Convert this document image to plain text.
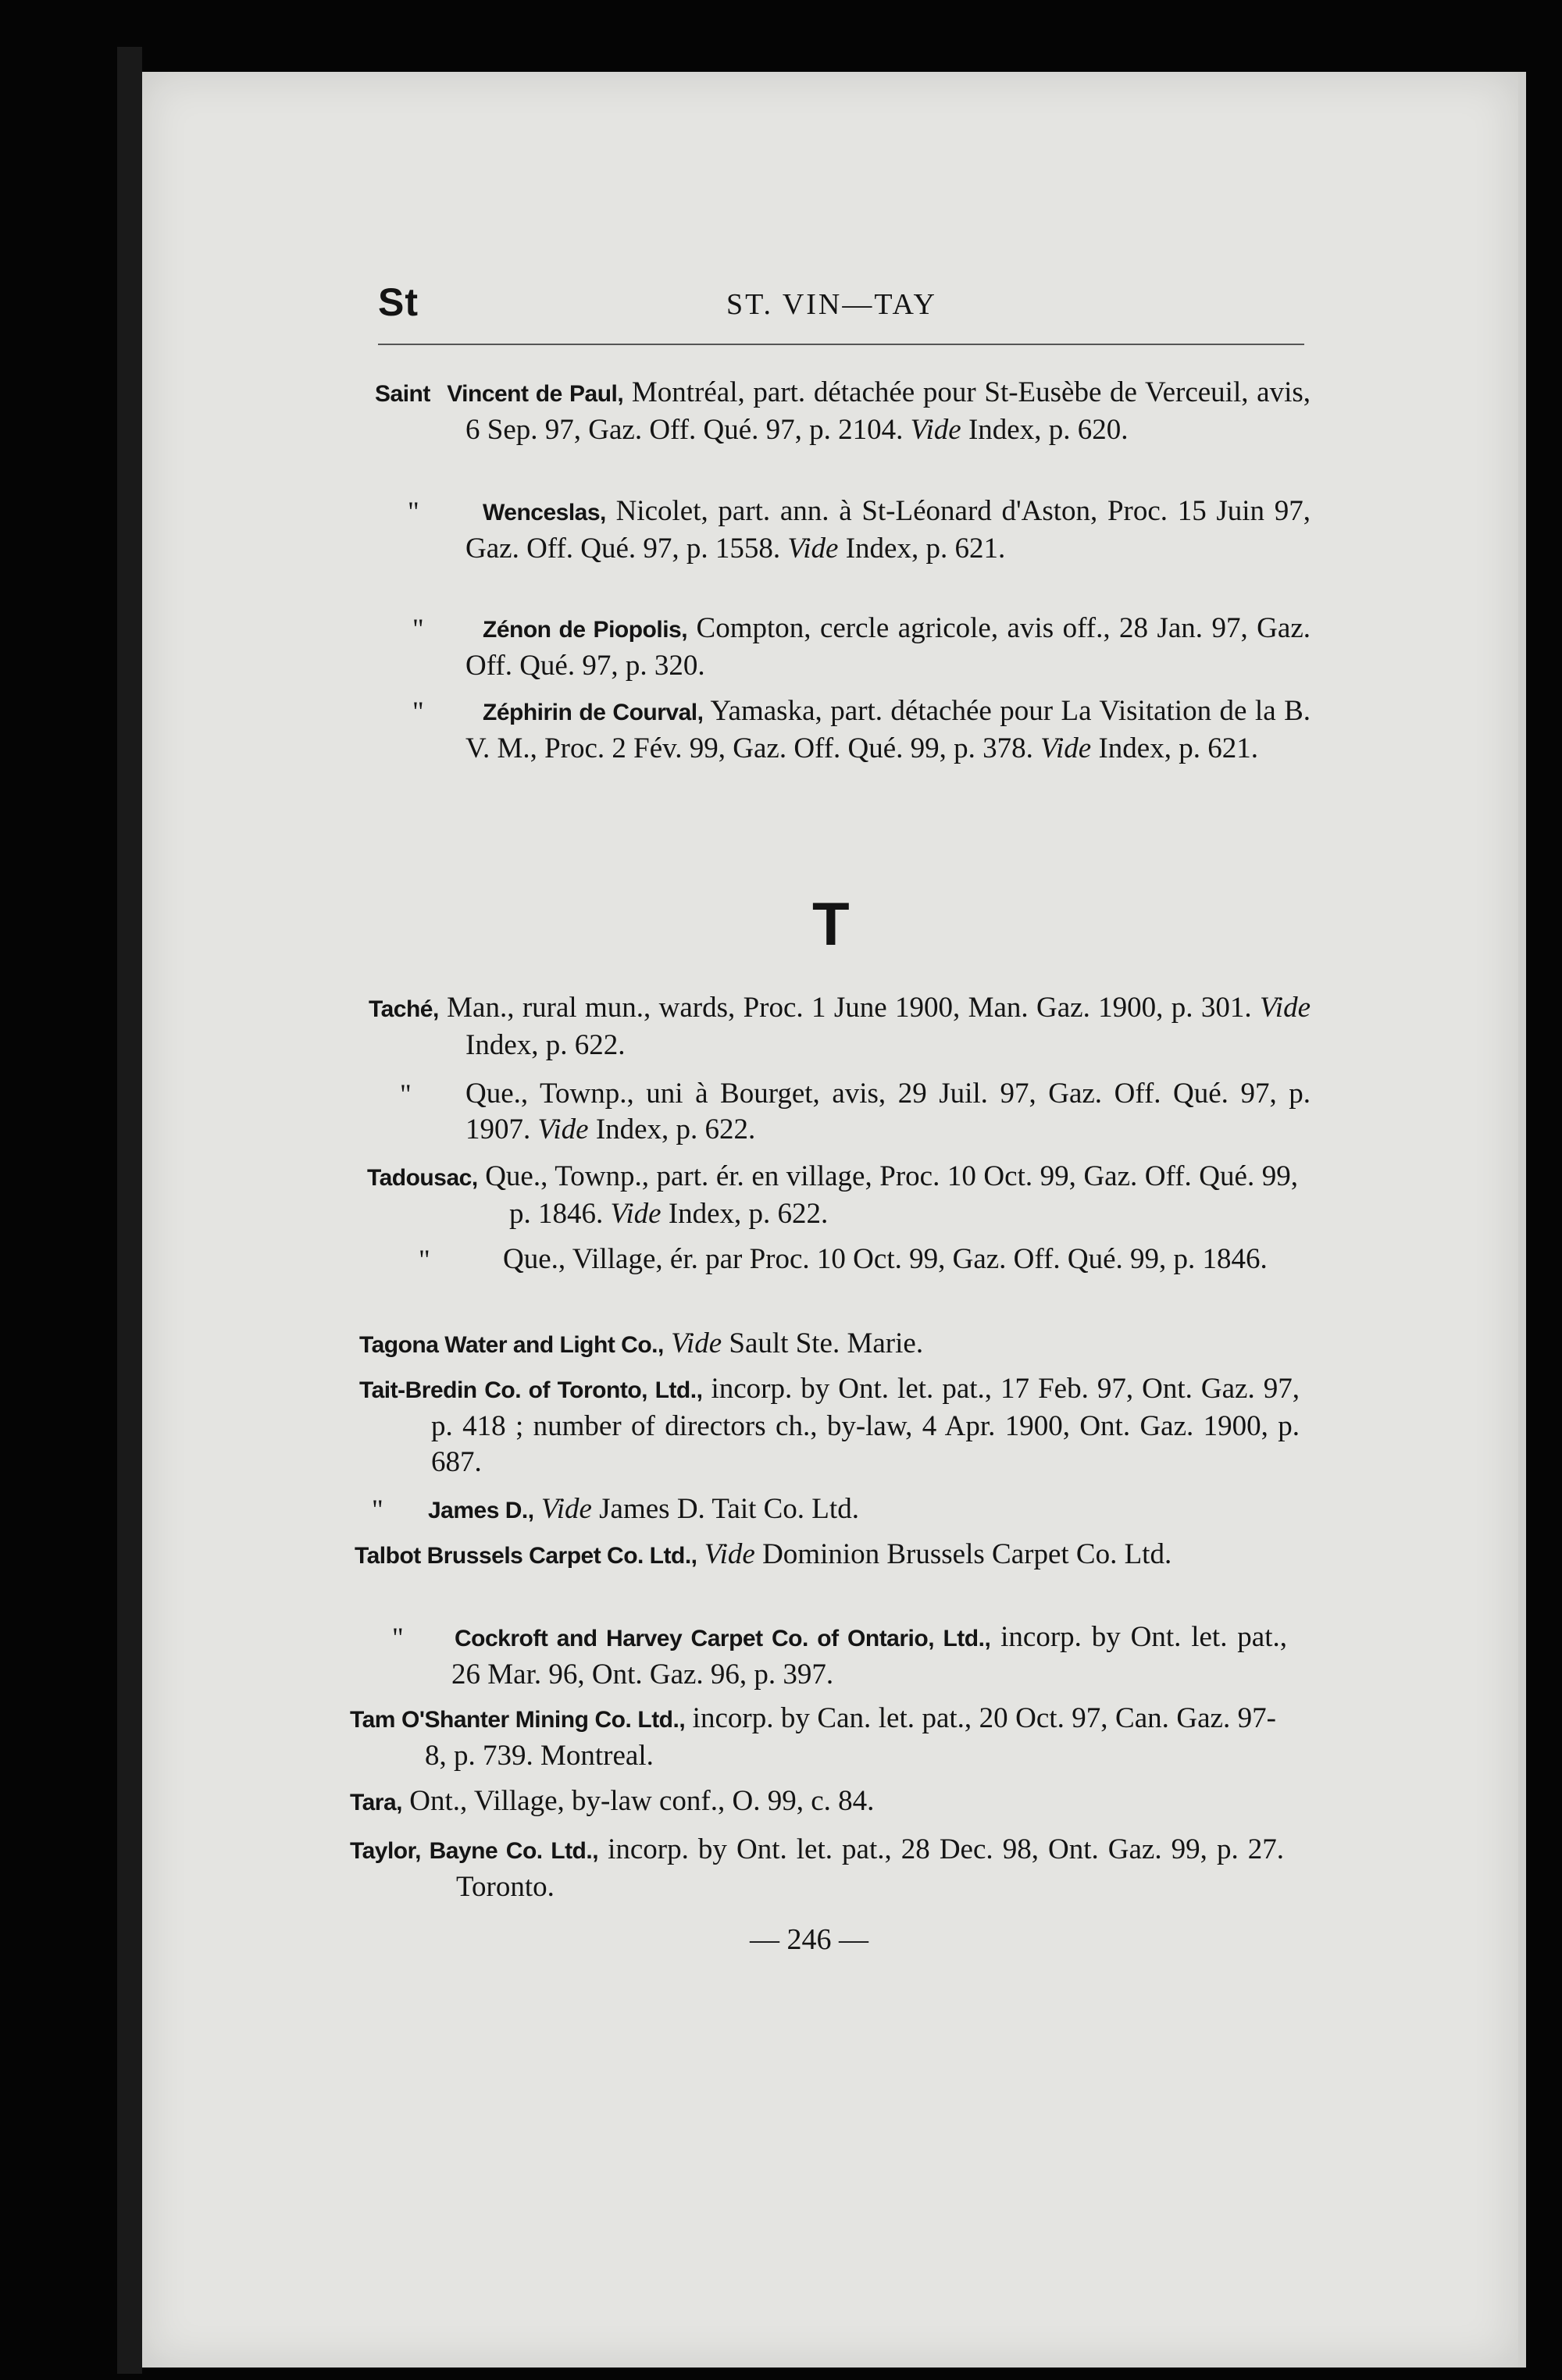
St	ST. VIN—TAY
Saint Vincent de Paul, Montréal, part. détachée pour St-Eusèbe de Verceuil, avis, 6 Sep. 97, Gaz. Off. Qué. 97, p. 2104. Vide Index, p. 620.
"	Wenceslas, Nicolet, part. ann. à St-Léonard d'Aston, Proc. 15 Juin 97, Gaz. Off. Qué. 97, p. 1558. Vide Index, p. 621.
"	Zénon de Piopolis, Compton, cercle agricole, avis off., 28 Jan. 97, Gaz. Off. Qué. 97, p. 320.
"	Zéphirin de Courval, Yamaska, part. détachée pour La Visitation de la B. V. M., Proc. 2 Fév. 99, Gaz. Off. Qué. 99, p. 378. Vide Index, p. 621.
T
Taché, Man., rural mun., wards, Proc. 1 June 1900, Man. Gaz. 1900, p. 301. Vide Index, p. 622.
" Que., Townp., uni à Bourget, avis, 29 Juil. 97, Gaz. Off. Qué. 97, p. 1907. Vide Index, p. 622.
Tadousac, Que., Townp., part. ér. en village, Proc. 10 Oct. 99, Gaz. Off. Qué. 99, p. 1846. Vide Index, p. 622.
"	Que., Village, ér. par Proc. 10 Oct. 99, Gaz. Off. Qué. 99, p. 1846.
Tagona Water and Light Co., Vide Sault Ste. Marie.
Tait-Bredin Co. of Toronto, Ltd., incorp. by Ont. let. pat., 17 Feb. 97, Ont. Gaz. 97, p. 418 ; number of directors ch., by-law, 4 Apr. 1900, Ont. Gaz. 1900, p. 687.
" James D., Vide James D. Tait Co. Ltd.
Talbot Brussels Carpet Co. Ltd., Vide Dominion Brussels Carpet Co. Ltd.
" Cockroft and Harvey Carpet Co. of Ontario, Ltd., incorp. by Ont. let. pat., 26 Mar. 96, Ont. Gaz. 96, p. 397.
Tam O'Shanter Mining Co. Ltd., incorp. by Can. let. pat., 20 Oct. 97, Can. Gaz. 97-8, p. 739. Montreal.
Tara, Ont., Village, by-law conf., O. 99, c. 84.
Taylor, Bayne Co. Ltd., incorp. by Ont. let. pat., 28 Dec. 98, Ont. Gaz. 99, p. 27. Toronto.
— 246 —
